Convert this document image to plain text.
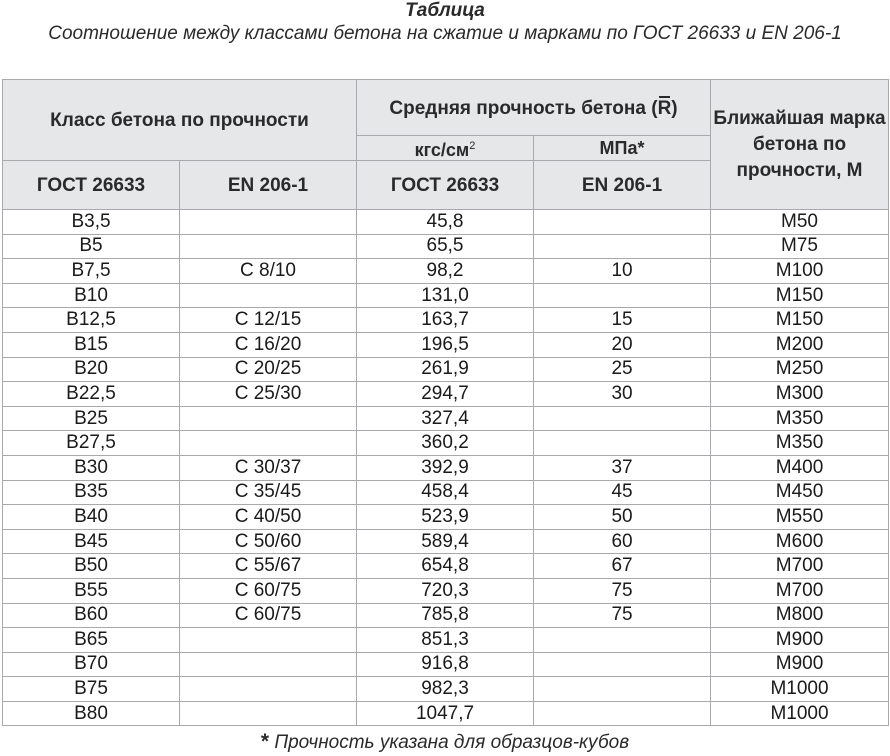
Таблица
Соотношение между классами бетона на сжатие и марками по ГОСТ 26633 и EN 206-1
Класс бетона по прочности		Средняя прочность бетона (R)		Ближайшая марка бетона по прочности, М
		кгс/$см^2$	МПа*	
ГОСТ 26633	EN 206-1	ГОСТ 26633	EN 206-1	
B3,5		45,8		M50
B5		65,5		M75
B7,5	C 8/10	98,2	10	M100
B10		131,0		M150
B12,5	C 12/15	163,7	15	M150
B15	C 16/20	196,5	20	M200
B20	C 20/25	261,9	25	M250
B22,5	C 25/30	294,7	30	M300
B25		327,4		M350
B27,5		360,2		M350
B30	C 30/37	392,9	37	M400
B35	C 35/45	458,4	45	M450
B40	C 40/50	523,9	50	M550
B45	C 50/60	589,4	60	M600
B50	C 55/67	654,8	67	M700
B55	C 60/75	720,3	75	M700
B60	C 60/75	785,8	75	M800
B65		851,3		M900
B70		916,8		M900
B75		982,3		M1000
B80		1047,7		M1000
* Прочность указана для образцов-кубов
